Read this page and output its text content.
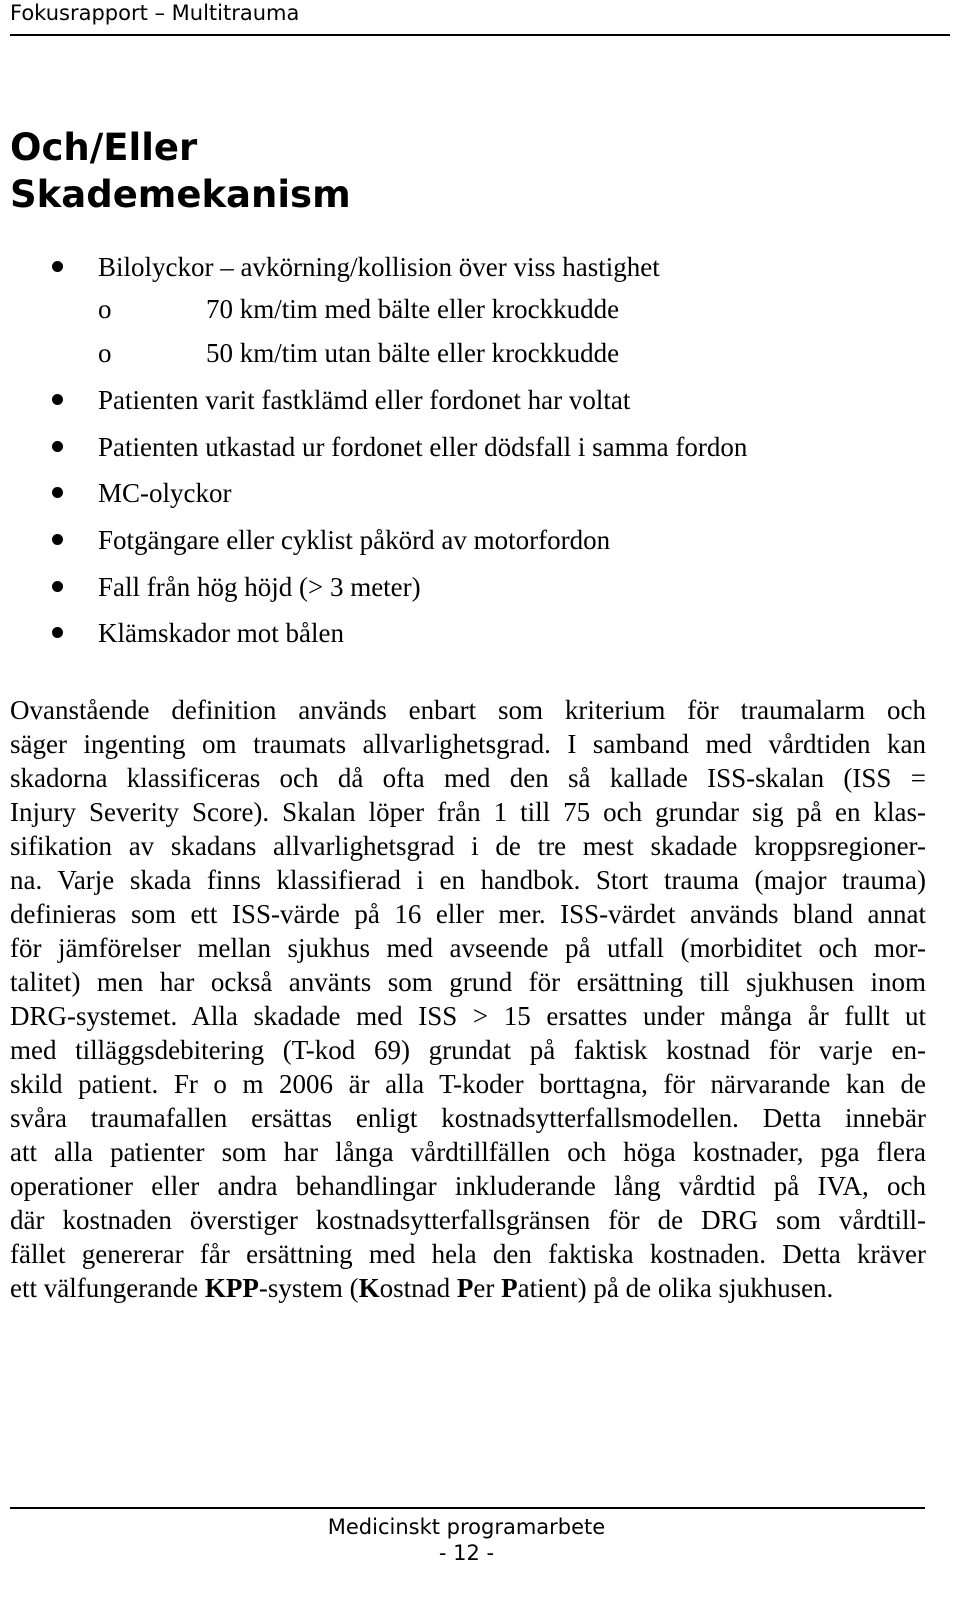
Fokusrapport – Multitrauma
Och/Eller
Skademekanism
Bilolyckor – avkörning/kollision över viss hastighet
o	70 km/tim med bälte eller krockkudde
o	50 km/tim utan bälte eller krockkudde
Patienten varit fastklämd eller fordonet har voltat
Patienten utkastad ur fordonet eller dödsfall i samma fordon
MC-olyckor
Fotgängare eller cyklist påkörd av motorfordon
Fall från hög höjd (> 3 meter)
Klämskador mot bålen
Ovanstående definition används enbart som kriterium för traumalarm och
säger ingenting om traumats allvarlighetsgrad. I samband med vårdtiden kan
skadorna klassificeras och då ofta med den så kallade ISS-skalan (ISS =
Injury Severity Score). Skalan löper från 1 till 75 och grundar sig på en klas-
sifikation av skadans allvarlighetsgrad i de tre mest skadade kroppsregioner-
na. Varje skada finns klassifierad i en handbok. Stort trauma (major trauma)
definieras som ett ISS-värde på 16 eller mer. ISS-värdet används bland annat
för jämförelser mellan sjukhus med avseende på utfall (morbiditet och mor-
talitet) men har också använts som grund för ersättning till sjukhusen inom
DRG-systemet. Alla skadade med ISS > 15 ersattes under många år fullt ut
med tilläggsdebitering (T-kod 69) grundat på faktisk kostnad för varje en-
skild patient. Fr o m 2006 är alla T-koder borttagna, för närvarande kan de
svåra traumafallen ersättas enligt kostnadsytterfallsmodellen. Detta innebär
att alla patienter som har långa vårdtillfällen och höga kostnader, pga flera
operationer eller andra behandlingar inkluderande lång vårdtid på IVA, och
där kostnaden överstiger kostnadsytterfallsgränsen för de DRG som vårdtill-
fället genererar får ersättning med hela den faktiska kostnaden. Detta kräver
ett välfungerande KPP-system (Kostnad Per Patient) på de olika sjukhusen.
Medicinskt programarbete
- 12 -
